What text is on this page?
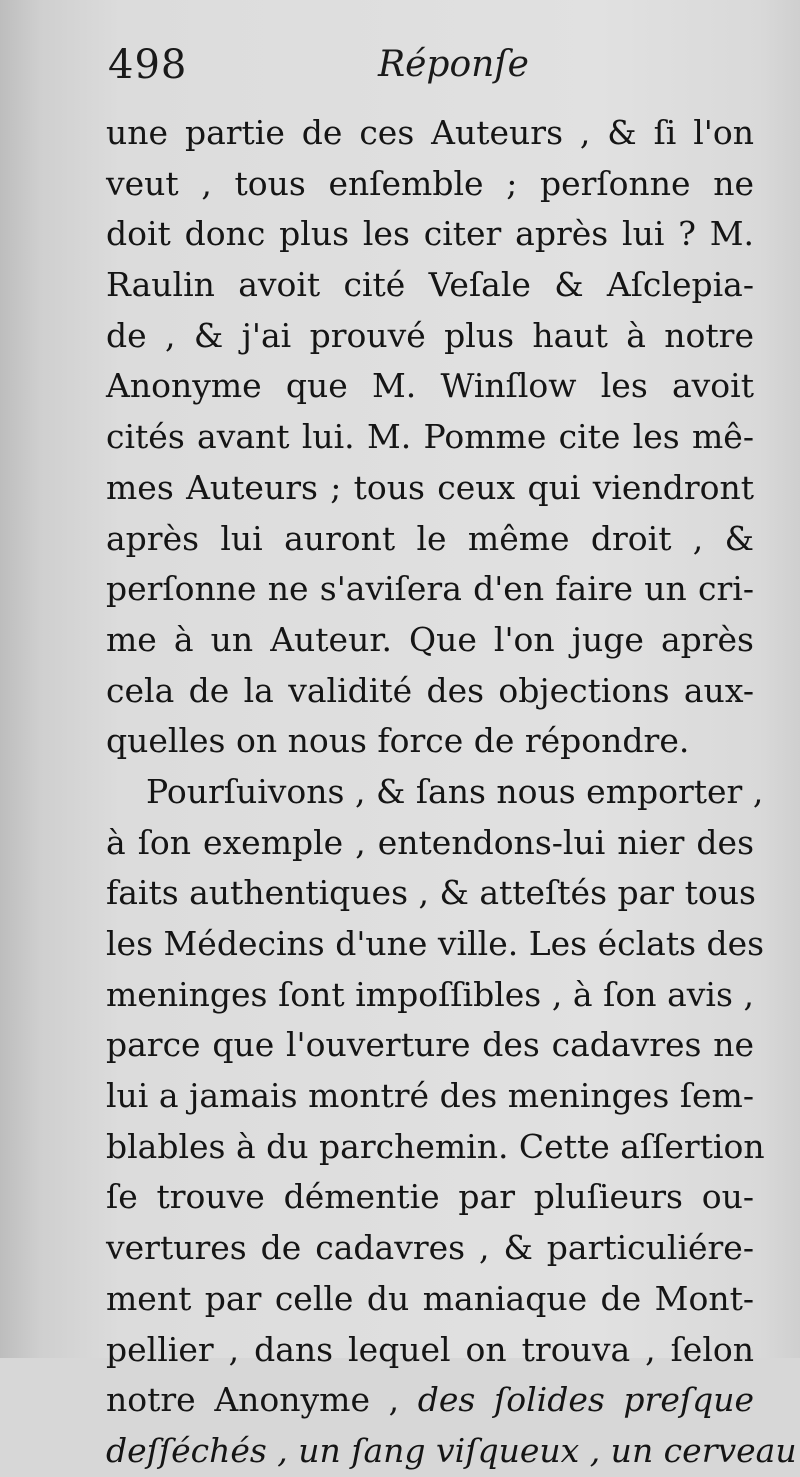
498	Réponſe
une partie de ces Auteurs , & ſi l'on
veut , tous enſemble ; perſonne ne
doit donc plus les citer après lui ? M.
Raulin avoit cité Veſale & Aſclepia-
de , & j'ai prouvé plus haut à notre
Anonyme que M. Winſlow les avoit
cités avant lui. M. Pomme cite les mê-
mes Auteurs ; tous ceux qui viendront
après lui auront le même droit , &
perſonne ne s'aviſera d'en faire un cri-
me à un Auteur. Que l'on juge après
cela de la validité des objections aux-
quelles on nous force de répondre.
Pourſuivons , & ſans nous emporter ,
à ſon exemple , entendons-lui nier des
faits authentiques , & atteſtés par tous
les Médecins d'une ville. Les éclats des
meninges ſont impoſſibles , à ſon avis ,
parce que l'ouverture des cadavres ne
lui a jamais montré des meninges ſem-
blables à du parchemin. Cette aſſertion
ſe trouve démentie par pluſieurs ou-
vertures de cadavres , & particuliére-
ment par celle du maniaque de Mont-
pellier , dans lequel on trouva , ſelon
notre Anonyme , des ſolides preſque
deſſéchés , un ſang viſqueux , un cerveau
